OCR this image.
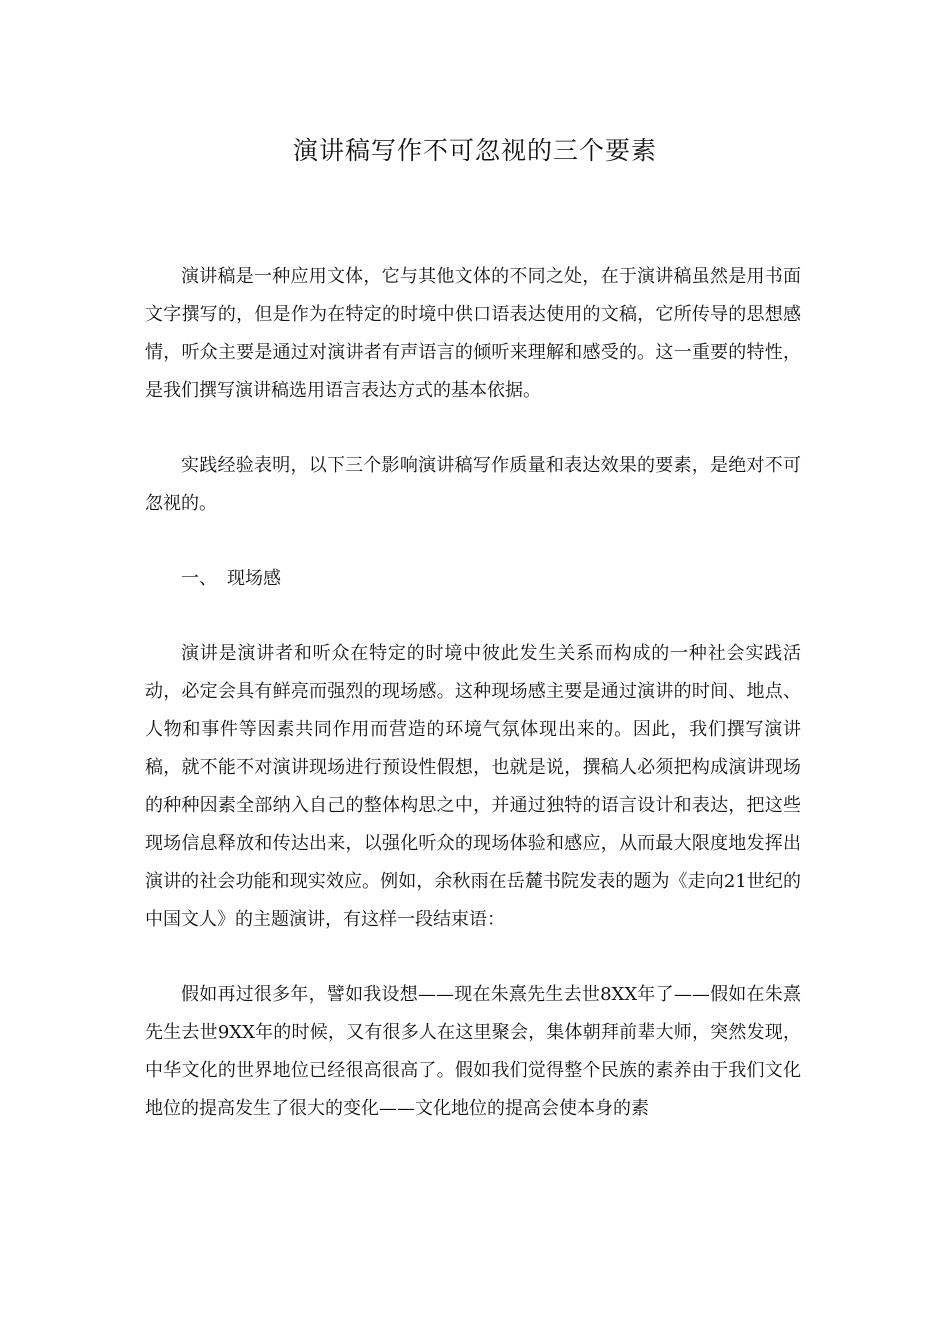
演讲稿写作不可忽视的三个要素

演讲稿是一种应用文体，它与其他文体的不同之处，在于演讲稿虽然是用书面文字撰写的，但是作为在特定的时境中供口语表达使用的文稿，它所传导的思想感情，听众主要是通过对演讲者有声语言的倾听来理解和感受的。这一重要的特性，是我们撰写演讲稿选用语言表达方式的基本依据。

实践经验表明，以下三个影响演讲稿写作质量和表达效果的要素，是绝对不可忽视的。

一、 现场感

演讲是演讲者和听众在特定的时境中彼此发生关系而构成的一种社会实践活动，必定会具有鲜亮而强烈的现场感。这种现场感主要是通过演讲的时间、地点、人物和事件等因素共同作用而营造的环境气氛体现出来的。因此，我们撰写演讲稿，就不能不对演讲现场进行预设性假想，也就是说，撰稿人必须把构成演讲现场的种种因素全部纳入自己的整体构思之中，并通过独特的语言设计和表达，把这些现场信息释放和传达出来，以强化听众的现场体验和感应，从而最大限度地发挥出演讲的社会功能和现实效应。例如，余秋雨在岳麓书院发表的题为《走向21世纪的中国文人》的主题演讲，有这样一段结束语：

假如再过很多年，譬如我设想——现在朱熹先生去世8XX年了——假如在朱熹先生去世9XX年的时候，又有很多人在这里聚会，集体朝拜前辈大师，突然发现，中华文化的世界地位已经很高很高了。假如我们觉得整个民族的素养由于我们文化地位的提高发生了很大的变化——文化地位的提高会使本身的素
